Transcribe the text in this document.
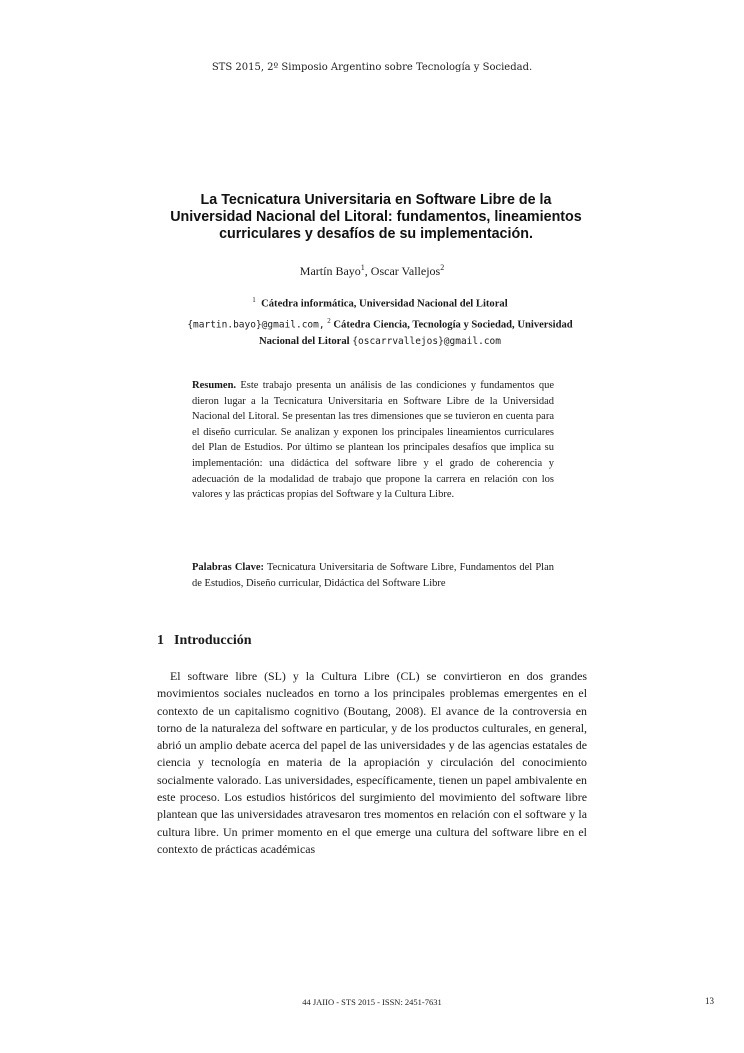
STS 2015, 2º Simposio Argentino sobre Tecnología y Sociedad.
La Tecnicatura Universitaria en Software Libre de la Universidad Nacional del Litoral: fundamentos, lineamientos curriculares y desafíos de su implementación.
Martín Bayo$^1$, Oscar Vallejos$^2$
$^1$ Cátedra informática, Universidad Nacional del Litoral
{martin.bayo}@gmail.com, $^2$ Cátedra Ciencia, Tecnología y Sociedad, Universidad Nacional del Litoral {oscarrvallejos}@gmail.com
Resumen. Este trabajo presenta un análisis de las condiciones y fundamentos que dieron lugar a la Tecnicatura Universitaria en Software Libre de la Universidad Nacional del Litoral. Se presentan las tres dimensiones que se tuvieron en cuenta para el diseño curricular. Se analizan y exponen los principales lineamientos curriculares del Plan de Estudios. Por último se plantean los principales desafíos que implica su implementación: una didáctica del software libre y el grado de coherencia y adecuación de la modalidad de trabajo que propone la carrera en relación con los valores y las prácticas propias del Software y la Cultura Libre.
Palabras Clave: Tecnicatura Universitaria de Software Libre, Fundamentos del Plan de Estudios, Diseño curricular, Didáctica del Software Libre
1 Introducción

El software libre (SL) y la Cultura Libre (CL) se convirtieron en dos grandes movimientos sociales nucleados en torno a los principales problemas emergentes en el contexto de un capitalismo cognitivo (Boutang, 2008). El avance de la controversia en torno de la naturaleza del software en particular, y de los productos culturales, en general, abrió un amplio debate acerca del papel de las universidades y de las agencias estatales de ciencia y tecnología en materia de la apropiación y circulación del conocimiento socialmente valorado. Las universidades, específicamente, tienen un papel ambivalente en este proceso. Los estudios históricos del surgimiento del movimiento del software libre plantean que las universidades atravesaron tres momentos en relación con el software y la cultura libre. Un primer momento en el que emerge una cultura del software libre en el contexto de prácticas académicas

44 JAIIO - STS 2015 - ISSN: 2451-7631	13
